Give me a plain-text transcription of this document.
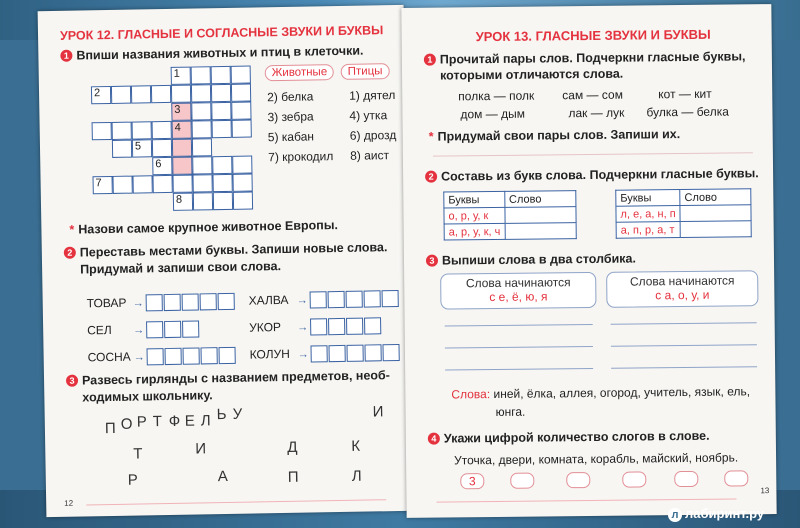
УРОК 12. ГЛАСНЫЕ И СОГЛАСНЫЕ ЗВУКИ И БУКВЫ
1 Впиши названия животных и птиц в клеточки.
1
2
3
4
5
6
7
8
Животные	Птицы
2) белка
3) зебра
5) кабан
7) крокодил
1) дятел
4) утка
6) дрозд
8) аист
* Назови самое крупное животное Европы.
2 Переставь местами буквы. Запиши новые слова.
Придумай и запиши свои слова.
ТОВАР →
СЕЛ →
СОСНА →
ХАЛВА →
УКОР →
КОЛУН →
3 Развесь гирлянды с названием предметов, необ-
ходимых школьнику.
П О Р Т Ф Е Л Ь
Т	И	Д
Р	А
У	И
К
П	Л
12
УРОК 13. ГЛАСНЫЕ ЗВУКИ И БУКВЫ
1 Прочитай пары слов. Подчеркни гласные буквы,
которыми отличаются слова.
полка — полк сам — сом	кот — кит
дом — дым	лак — лук булка — белка
* Придумай свои пары слов. Запиши их.
2 Составь из букв слова. Подчеркни гласные буквы.
Буквы	Слово
о, р, у, к	
а, р, у, к, ч	
Буквы	Слово
л, е, а, н, п	
а, п, р, а, т	
3 Выпиши слова в два столбика.
Слова начинаются
с е, ё, ю, я
Слова начинаются
с а, о, у, и
Слова: иней, ёлка, аллея, огород, учитель, язык, ель,
юнга.
4 Укажи цифрой количество слогов в слове.
Уточка, двери, комната, корабль, майский, ноябрь.
3
13
л лабиринт.ру
